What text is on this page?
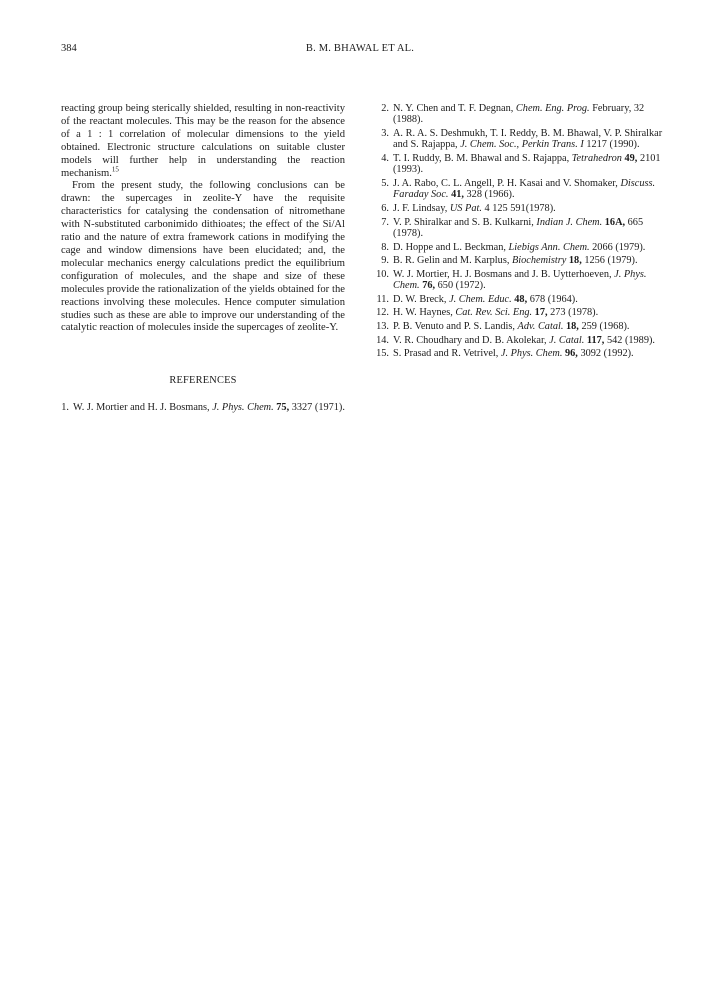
384	B. M. BHAWAL ET AL.

reacting group being sterically shielded, resulting in non-reactivity of the reactant molecules. This may be the reason for the absence of a 1 : 1 correlation of molecular dimensions to the yield obtained. Electronic structure calculations on suitable cluster models will further help in understanding the reaction mechanism.$^{15}$

From the present study, the following conclusions can be drawn: the supercages in zeolite-Y have the requisite characteristics for catalysing the condensation of nitromethane with N-substituted carbonimido dithioates; the effect of the Si/Al ratio and the nature of extra framework cations in modifying the cage and window dimensions have been elucidated; and, the molecular mechanics energy calculations predict the equilibrium configuration of molecules, and the shape and size of these molecules provide the rationalization of the yields obtained for the reactions involving these molecules. Hence computer simulation studies such as these are able to improve our understanding of the catalytic reaction of molecules inside the supercages of zeolite-Y.

REFERENCES
1. W. J. Mortier and H. J. Bosmans, J. Phys. Chem. 75, 3327 (1971).
2. N. Y. Chen and T. F. Degnan, Chem. Eng. Prog. February, 32 (1988).
3. A. R. A. S. Deshmukh, T. I. Reddy, B. M. Bhawal, V. P. Shiralkar and S. Rajappa, J. Chem. Soc., Perkin Trans. I 1217 (1990).
4. T. I. Ruddy, B. M. Bhawal and S. Rajappa, Tetrahedron 49, 2101 (1993).
5. J. A. Rabo, C. L. Angell, P. H. Kasai and V. Shomaker, Discuss. Faraday Soc. 41, 328 (1966).
6. J. F. Lindsay, US Pat. 4 125 591(1978).
7. V. P. Shiralkar and S. B. Kulkarni, Indian J. Chem. 16A, 665 (1978).
8. D. Hoppe and L. Beckman, Liebigs Ann. Chem. 2066 (1979).
9. B. R. Gelin and M. Karplus, Biochemistry 18, 1256 (1979).
10. W. J. Mortier, H. J. Bosmans and J. B. Uytterhoeven, J. Phys. Chem. 76, 650 (1972).
11. D. W. Breck, J. Chem. Educ. 48, 678 (1964).
12. H. W. Haynes, Cat. Rev. Sci. Eng. 17, 273 (1978).
13. P. B. Venuto and P. S. Landis, Adv. Catal. 18, 259 (1968).
14. V. R. Choudhary and D. B. Akolekar, J. Catal. 117, 542 (1989).
15. S. Prasad and R. Vetrivel, J. Phys. Chem. 96, 3092 (1992).
